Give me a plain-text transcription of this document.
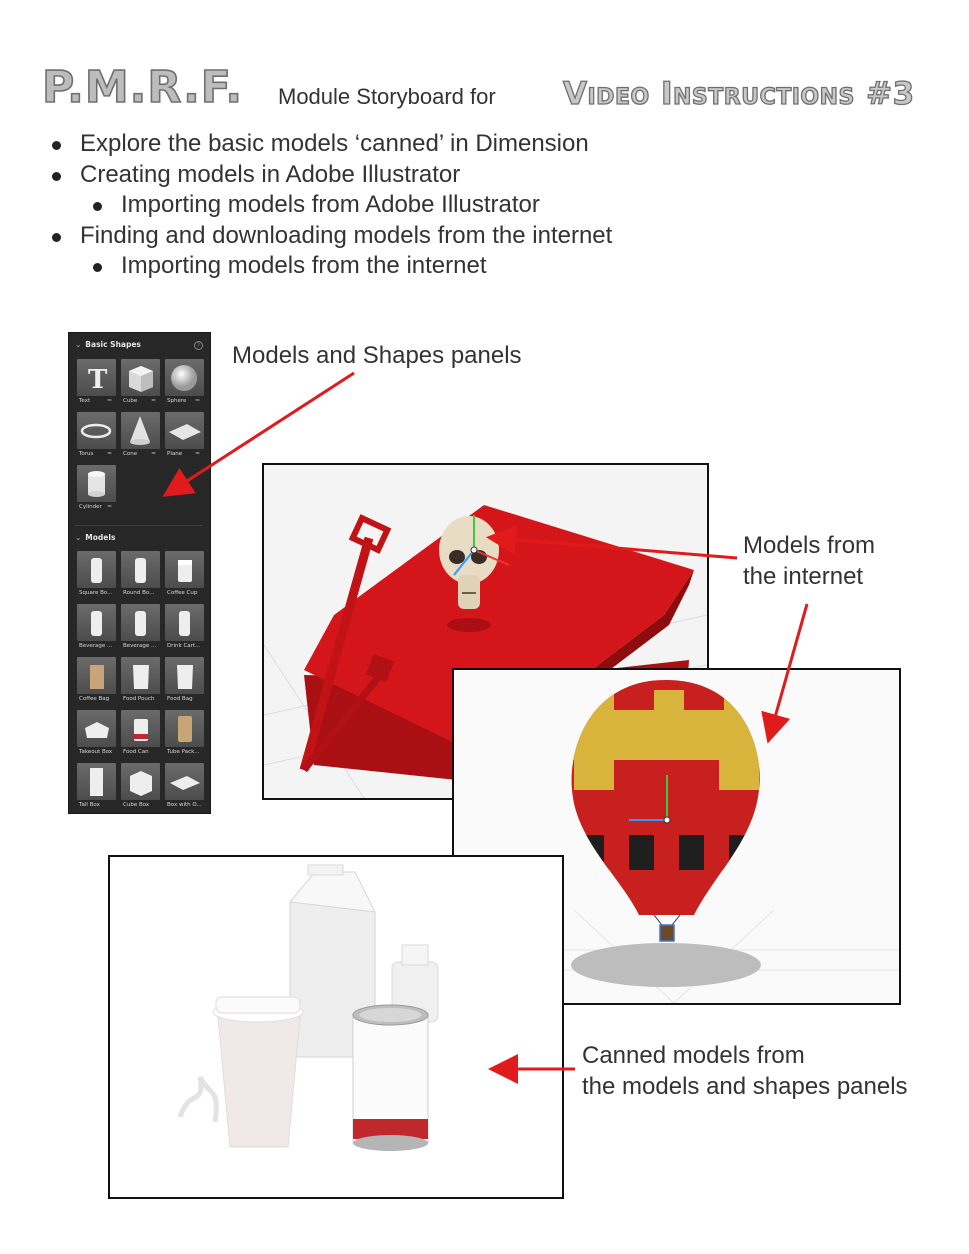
P.M.R.F. Module Storyboard for Video Instructions #3
Explore the basic models ‘canned’ in Dimension
Creating models in Adobe Illustrator
Importing models from Adobe Illustrator
Finding and downloading models from the internet
Importing models from the internet
Models and Shapes panels
Models from
the internet
Canned models from
the models and shapes panels
⌄ Basic Shapes	?
T
Text	≈ Cube	≈ Sphere	≈
Torus	≈ Cone	≈ Plane	≈
Cylinder ≈
⌄ Models
Square Bo...	Round Bo...	Coffee Cup
Beverage ...	Beverage ...	Drink Cart...
Coffee Bag	Food Pouch	Food Bag
Takeout Box	Food Can	Tube Pack...
Tall Box	Cube Box	Box with O...
